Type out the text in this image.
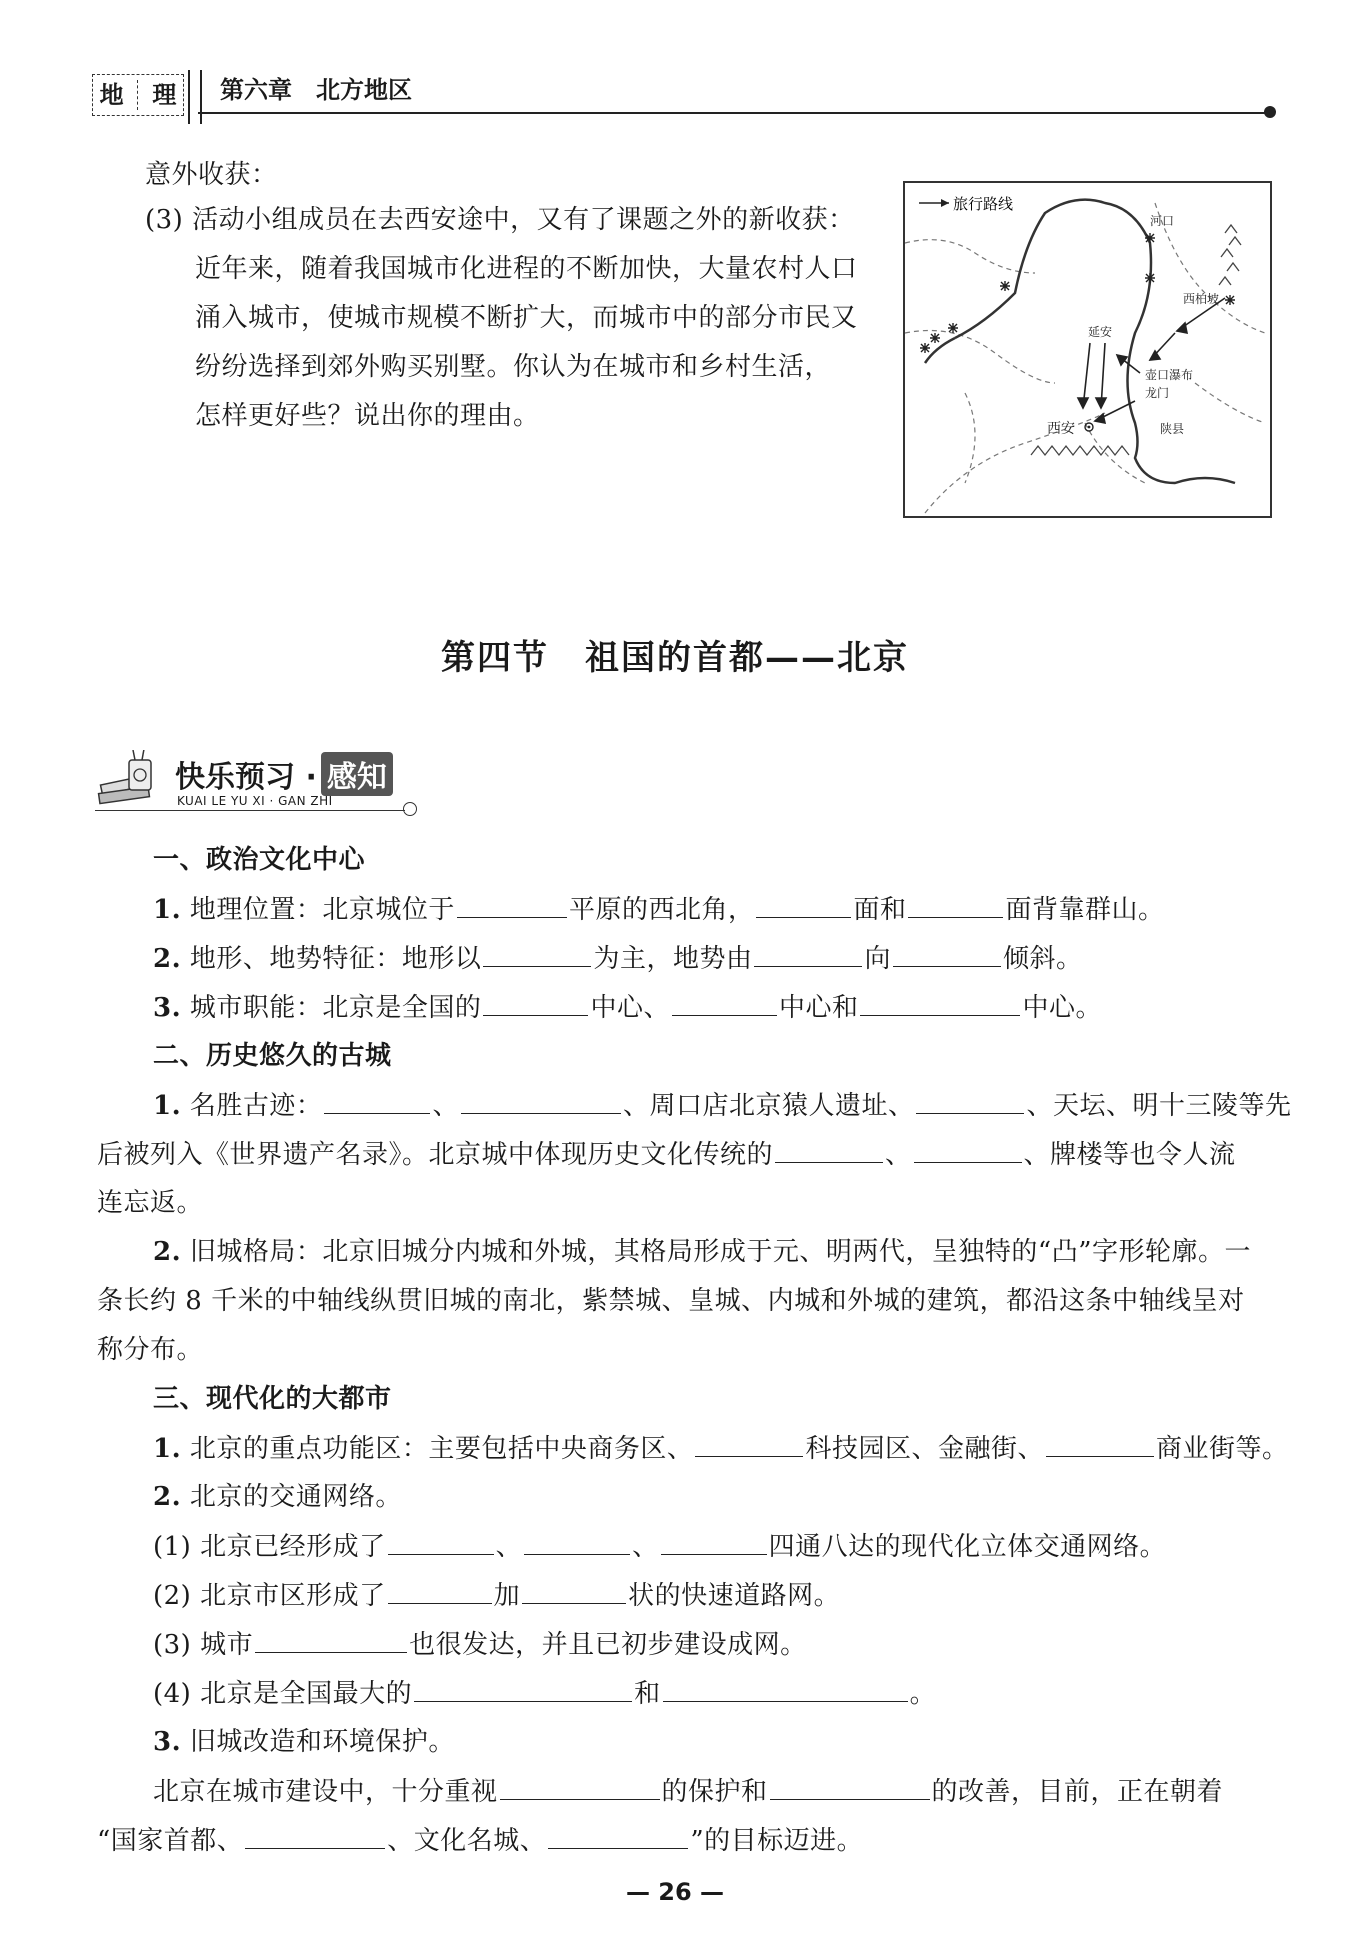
地 理 第六章　北方地区
意外收获：
(3) 活动小组成员在去西安途中，又有了课题之外的新收获：
近年来，随着我国城市化进程的不断加快，大量农村人口
涌入城市，使城市规模不断扩大，而城市中的部分市民又
纷纷选择到郊外购买别墅。你认为在城市和乡村生活，
怎样更好些？说出你的理由。
旅行路线
河口
西柏坡
延安
壶口瀑布
龙门
西安	陕县
第四节　祖国的首都——北京
快乐预习 · 感知
KUAI LE YU XI · GAN ZHI
一、政治文化中心
1. 地理位置：北京城位于	平原的西北角，	面和	面背靠群山。
2. 地形、地势特征：地形以	为主，地势由	向	倾斜。
3. 城市职能：北京是全国的	中心、	中心和	中心。
二、历史悠久的古城
1. 名胜古迹：	、	、周口店北京猿人遗址、	、天坛、明十三陵等先
后被列入《世界遗产名录》。北京城中体现历史文化传统的	、	、牌楼等也令人流
连忘返。
2. 旧城格局：北京旧城分内城和外城，其格局形成于元、明两代，呈独特的“凸”字形轮廓。一
条长约 8 千米的中轴线纵贯旧城的南北，紫禁城、皇城、内城和外城的建筑，都沿这条中轴线呈对
称分布。
三、现代化的大都市
1. 北京的重点功能区：主要包括中央商务区、	科技园区、金融街、	商业街等。
2. 北京的交通网络。
(1) 北京已经形成了	、	、	四通八达的现代化立体交通网络。
(2) 北京市区形成了	加	状的快速道路网。
(3) 城市	也很发达，并且已初步建设成网。
(4) 北京是全国最大的	和	。
3. 旧城改造和环境保护。
北京在城市建设中，十分重视	的保护和	的改善，目前，正在朝着
“国家首都、	、文化名城、	”的目标迈进。
— 26 —
